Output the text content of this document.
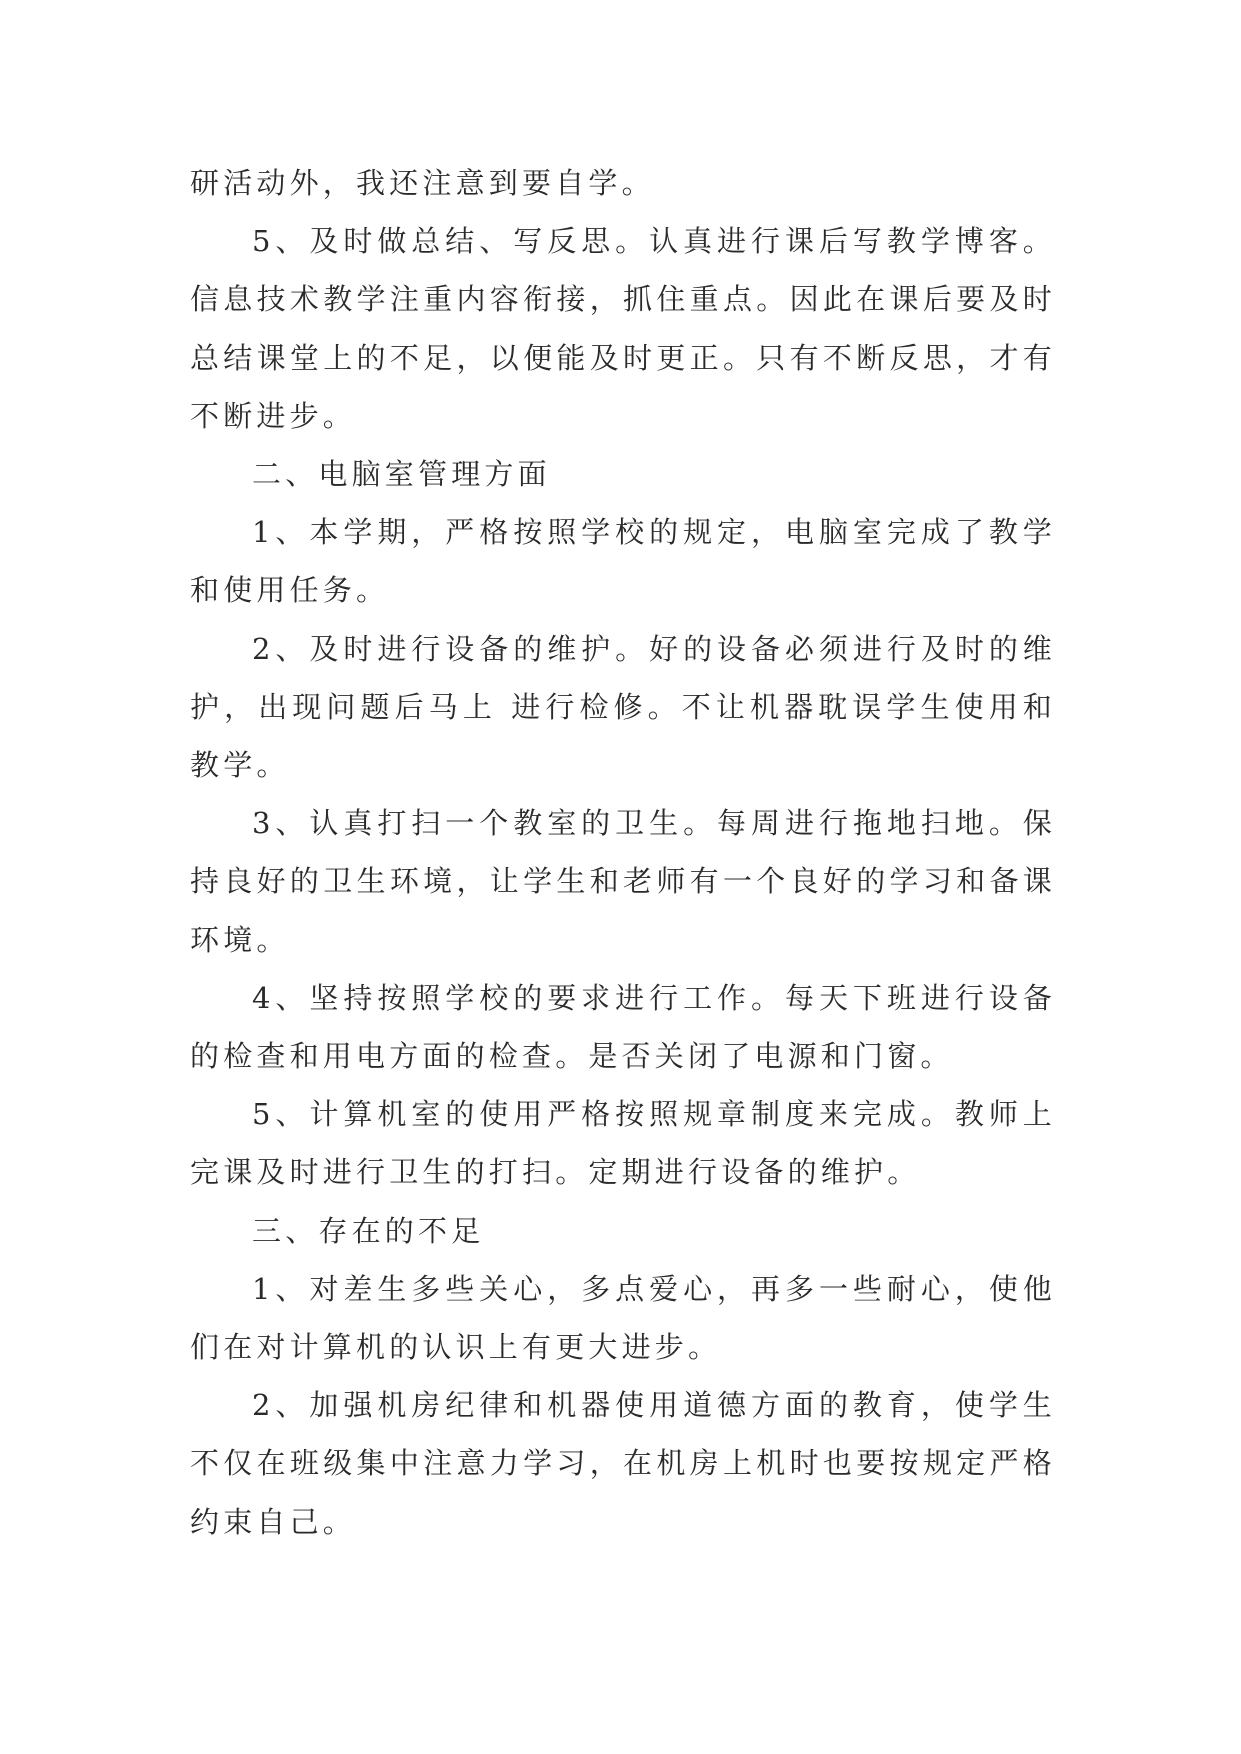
研活动外，我还注意到要自学。

5、及时做总结、写反思。认真进行课后写教学博客。信息技术教学注重内容衔接，抓住重点。因此在课后要及时总结课堂上的不足，以便能及时更正。只有不断反思，才有不断进步。

二、电脑室管理方面

1、本学期，严格按照学校的规定，电脑室完成了教学和使用任务。

2、及时进行设备的维护。好的设备必须进行及时的维护，出现问题后马上 进行检修。不让机器耽误学生使用和教学。

3、认真打扫一个教室的卫生。每周进行拖地扫地。保持良好的卫生环境，让学生和老师有一个良好的学习和备课环境。

4、坚持按照学校的要求进行工作。每天下班进行设备的检查和用电方面的检查。是否关闭了电源和门窗。

5、计算机室的使用严格按照规章制度来完成。教师上完课及时进行卫生的打扫。定期进行设备的维护。

三、存在的不足

1、对差生多些关心，多点爱心，再多一些耐心，使他们在对计算机的认识上有更大进步。

2、加强机房纪律和机器使用道德方面的教育，使学生不仅在班级集中注意力学习，在机房上机时也要按规定严格约束自己。
